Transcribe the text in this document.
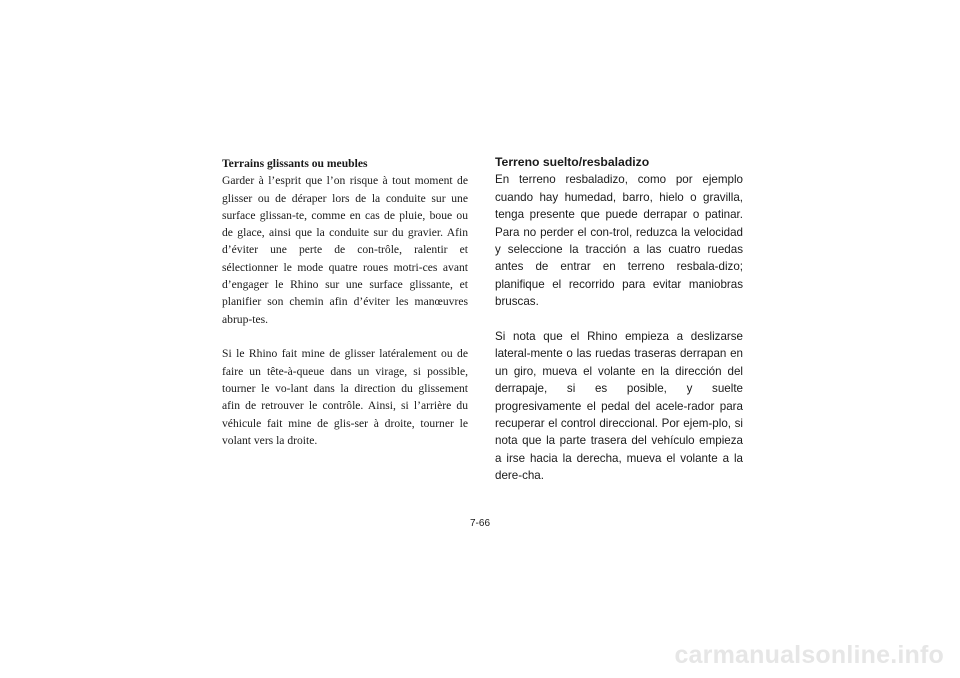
Terrains glissants ou meubles

Garder à l’esprit que l’on risque à tout moment de glisser ou de déraper lors de la conduite sur une surface glissan-te, comme en cas de pluie, boue ou de glace, ainsi que la conduite sur du gravier. Afin d’éviter une perte de con-trôle, ralentir et sélectionner le mode quatre roues motri-ces avant d’engager le Rhino sur une surface glissante, et planifier son chemin afin d’éviter les manœuvres abrup-tes.

Si le Rhino fait mine de glisser latéralement ou de faire un tête-à-queue dans un virage, si possible, tourner le vo-lant dans la direction du glissement afin de retrouver le contrôle. Ainsi, si l’arrière du véhicule fait mine de glis-ser à droite, tourner le volant vers la droite.

Terreno suelto/resbaladizo

En terreno resbaladizo, como por ejemplo cuando hay humedad, barro, hielo o gravilla, tenga presente que puede derrapar o patinar. Para no perder el con-trol, reduzca la velocidad y seleccione la tracción a las cuatro ruedas antes de entrar en terreno resbala-dizo; planifique el recorrido para evitar maniobras bruscas.

Si nota que el Rhino empieza a deslizarse lateral-mente o las ruedas traseras derrapan en un giro, mueva el volante en la dirección del derrapaje, si es posible, y suelte progresivamente el pedal del acele-rador para recuperar el control direccional. Por ejem-plo, si nota que la parte trasera del vehículo empieza a irse hacia la derecha, mueva el volante a la dere-cha.

7-66
carmanualsonline.info
